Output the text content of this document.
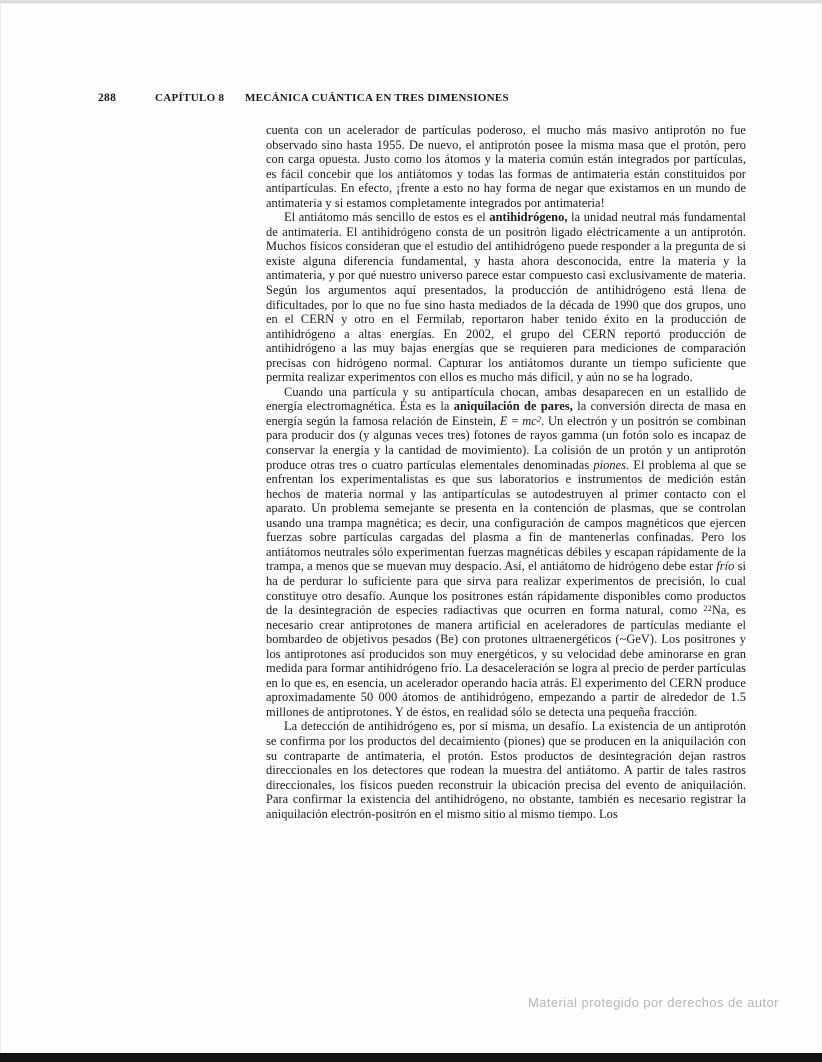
288	CAPÍTULO 8	MECÁNICA CUÁNTICA EN TRES DIMENSIONES

cuenta con un acelerador de partículas poderoso, el mucho más masivo antiprotón no fue observado sino hasta 1955. De nuevo, el antiprotón posee la misma masa que el protón, pero con carga opuesta. Justo como los átomos y la materia común están integrados por partículas, es fácil concebir que los antiátomos y todas las formas de antimateria están constituidos por antipartículas. En efecto, ¡frente a esto no hay forma de negar que existamos en un mundo de antimateria y si estamos completamente integrados por antimateria!

El antiátomo más sencillo de estos es el antihidrógeno, la unidad neutral más fundamental de antimateria. El antihidrógeno consta de un positrón ligado eléctricamente a un antiprotón. Muchos físicos consideran que el estudio del antihidrógeno puede responder a la pregunta de si existe alguna diferencia fundamental, y hasta ahora desconocida, entre la materia y la antimateria, y por qué nuestro universo parece estar compuesto casi exclusivamente de materia. Según los argumentos aquí presentados, la producción de antihidrógeno está llena de dificultades, por lo que no fue sino hasta mediados de la década de 1990 que dos grupos, uno en el CERN y otro en el Fermilab, reportaron haber tenido éxito en la producción de antihidrógeno a altas energías. En 2002, el grupo del CERN reportó producción de antihidrógeno a las muy bajas energías que se requieren para mediciones de comparación precisas con hidrógeno normal. Capturar los antiátomos durante un tiempo suficiente que permita realizar experimentos con ellos es mucho más difícil, y aún no se ha logrado.

Cuando una partícula y su antipartícula chocan, ambas desaparecen en un estallido de energía electromagnética. Ésta es la aniquilación de pares, la conversión directa de masa en energía según la famosa relación de Einstein, $E = mc^2$. Un electrón y un positrón se combinan para producir dos (y algunas veces tres) fotones de rayos gamma (un fotón solo es incapaz de conservar la energía y la cantidad de movimiento). La colisión de un protón y un antiprotón produce otras tres o cuatro partículas elementales denominadas piones. El problema al que se enfrentan los experimentalistas es que sus laboratorios e instrumentos de medición están hechos de materia normal y las antipartículas se autodestruyen al primer contacto con el aparato. Un problema semejante se presenta en la contención de plasmas, que se controlan usando una trampa magnética; es decir, una configuración de campos magnéticos que ejercen fuerzas sobre partículas cargadas del plasma a fin de mantenerlas confinadas. Pero los antiátomos neutrales sólo experimentan fuerzas magnéticas débiles y escapan rápidamente de la trampa, a menos que se muevan muy despacio. Así, el antiátomo de hidrógeno debe estar frío si ha de perdurar lo suficiente para que sirva para realizar experimentos de precisión, lo cual constituye otro desafío. Aunque los positrones están rápidamente disponibles como productos de la desintegración de especies radiactivas que ocurren en forma natural, como $^{22}$Na, es necesario crear antiprotones de manera artificial en aceleradores de partículas mediante el bombardeo de objetivos pesados (Be) con protones ultraenergéticos (~GeV). Los positrones y los antiprotones así producidos son muy energéticos, y su velocidad debe aminorarse en gran medida para formar antihidrógeno frío. La desaceleración se logra al precio de perder partículas en lo que es, en esencia, un acelerador operando hacia atrás. El experimento del CERN produce aproximadamente 50 000 átomos de antihidrógeno, empezando a partir de alrededor de 1.5 millones de antiprotones. Y de éstos, en realidad sólo se detecta una pequeña fracción.

La detección de antihidrógeno es, por sí misma, un desafío. La existencia de un antiprotón se confirma por los productos del decaimiento (piones) que se producen en la aniquilación con su contraparte de antimateria, el protón. Estos productos de desintegración dejan rastros direccionales en los detectores que rodean la muestra del antiátomo. A partir de tales rastros direccionales, los físicos pueden reconstruir la ubicación precisa del evento de aniquilación. Para confirmar la existencia del antihidrógeno, no obstante, también es necesario registrar la aniquilación electrón-positrón en el mismo sitio al mismo tiempo. Los

Material protegido por derechos de autor
